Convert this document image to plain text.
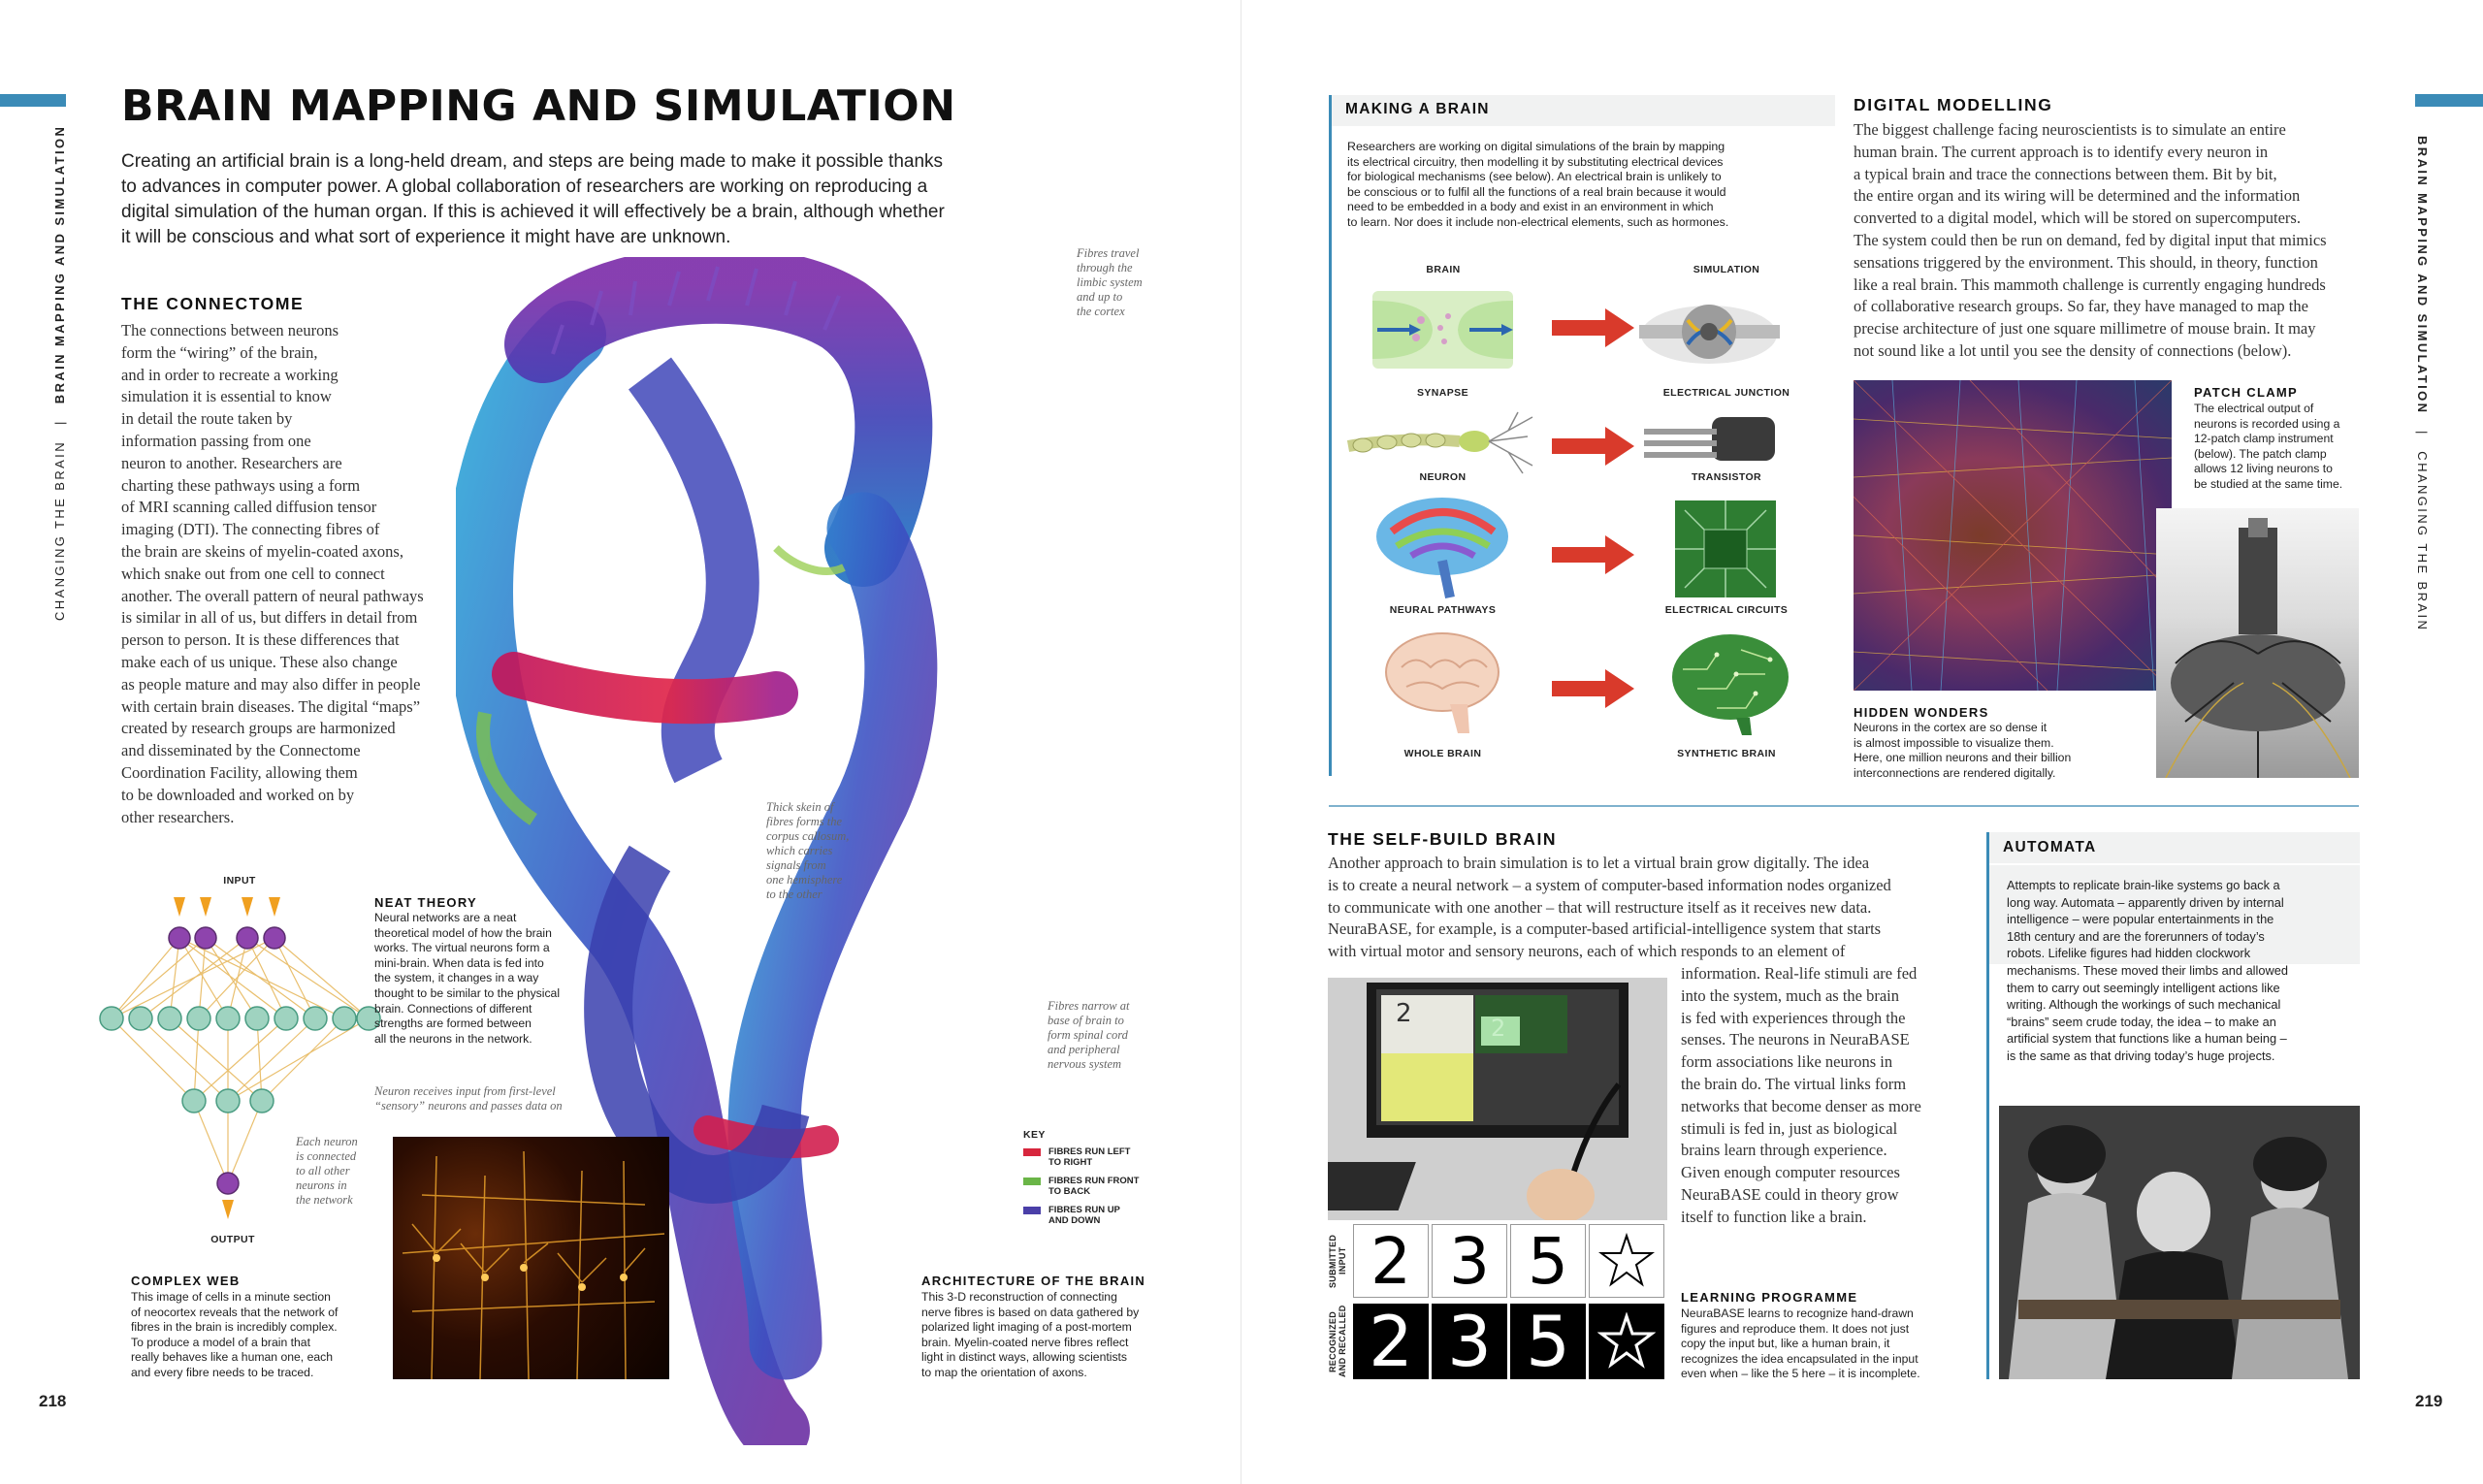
CHANGING THE BRAIN | BRAIN MAPPING AND SIMULATION
BRAIN MAPPING AND SIMULATION
Creating an artificial brain is a long-held dream, and steps are being made to make it possible thanks
to advances in computer power. A global collaboration of researchers are working on reproducing a
digital simulation of the human organ. If this is achieved it will effectively be a brain, although whether
it will be conscious and what sort of experience it might have are unknown.
THE CONNECTOME
The connections between neurons
form the “wiring” of the brain,
and in order to recreate a working
simulation it is essential to know
in detail the route taken by
information passing from one
neuron to another. Researchers are
charting these pathways using a form
of MRI scanning called diffusion tensor
imaging (DTI). The connecting fibres of
the brain are skeins of myelin-coated axons,
which snake out from one cell to connect
another. The overall pattern of neural pathways
is similar in all of us, but differs in detail from
person to person. It is these differences that
make each of us unique. These also change
as people mature and may also differ in people
with certain brain diseases. The digital “maps”
created by research groups are harmonized
and disseminated by the Connectome
Coordination Facility, allowing them
to be downloaded and worked on by
other researchers.
Fibres travel
through the
limbic system
and up to
the cortex
Thick skein of
fibres forms the
corpus callosum,
which carries
signals from
one hemisphere
to the other
Fibres narrow at
base of brain to
form spinal cord
and peripheral
nervous system
Neuron receives input from first-level
“sensory” neurons and passes data on
Each neuron
is connected
to all other
neurons in
the network
INPUT
OUTPUT
NEAT THEORY
Neural networks are a neat
theoretical model of how the brain
works. The virtual neurons form a
mini-brain. When data is fed into
the system, it changes in a way
thought to be similar to the physical
brain. Connections of different
strengths are formed between
all the neurons in the network.
COMPLEX WEB
This image of cells in a minute section
of neocortex reveals that the network of
fibres in the brain is incredibly complex.
To produce a model of a brain that
really behaves like a human one, each
and every fibre needs to be traced.
KEY
FIBRES RUN LEFT
TO RIGHT
FIBRES RUN FRONT
TO BACK
FIBRES RUN UP
AND DOWN
ARCHITECTURE OF THE BRAIN
This 3-D reconstruction of connecting
nerve fibres is based on data gathered by
polarized light imaging of a post-mortem
brain. Myelin-coated nerve fibres reflect
light in distinct ways, allowing scientists
to map the orientation of axons.
218
BRAIN MAPPING AND SIMULATION | CHANGING THE BRAIN
MAKING A BRAIN
Researchers are working on digital simulations of the brain by mapping
its electrical circuitry, then modelling it by substituting electrical devices
for biological mechanisms (see below). An electrical brain is unlikely to
be conscious or to fulfil all the functions of a real brain because it would
need to be embedded in a body and exist in an environment in which
to learn. Nor does it include non-electrical elements, such as hormones.
BRAIN	SIMULATION
SYNAPSE	ELECTRICAL JUNCTION
NEURON	TRANSISTOR
NEURAL PATHWAYS	ELECTRICAL CIRCUITS
WHOLE BRAIN	SYNTHETIC BRAIN
DIGITAL MODELLING
The biggest challenge facing neuroscientists is to simulate an entire
human brain. The current approach is to identify every neuron in
a typical brain and trace the connections between them. Bit by bit,
the entire organ and its wiring will be determined and the information
converted to a digital model, which will be stored on supercomputers.
The system could then be run on demand, fed by digital input that mimics
sensations triggered by the environment. This should, in theory, function
like a real brain. This mammoth challenge is currently engaging hundreds
of collaborative research groups. So far, they have managed to map the
precise architecture of just one square millimetre of mouse brain. It may
not sound like a lot until you see the density of connections (below).
PATCH CLAMP
The electrical output of
neurons is recorded using a
12-patch clamp instrument
(below). The patch clamp
allows 12 living neurons to
be studied at the same time.
HIDDEN WONDERS
Neurons in the cortex are so dense it
is almost impossible to visualize them.
Here, one million neurons and their billion
interconnections are rendered digitally.
THE SELF-BUILD BRAIN
Another approach to brain simulation is to let a virtual brain grow digitally. The idea
is to create a neural network – a system of computer-based information nodes organized
to communicate with one another – that will restructure itself as it receives new data.
NeuraBASE, for example, is a computer-based artificial-intelligence system that starts
with virtual motor and sensory neurons, each of which responds to an element of
information. Real-life stimuli are fed
into the system, much as the brain
is fed with experiences through the
senses. The neurons in NeuraBASE
form associations like neurons in
the brain do. The virtual links form
networks that become denser as more
stimuli is fed in, just as biological
brains learn through experience.
Given enough computer resources
NeuraBASE could in theory grow
itself to function like a brain.
2	2
SUBMITTED INPUT
RECOGNIZED AND RECALLED
2 3 5
2 3 5
LEARNING PROGRAMME
NeuraBASE learns to recognize hand-drawn
figures and reproduce them. It does not just
copy the input but, like a human brain, it
recognizes the idea encapsulated in the input
even when – like the 5 here – it is incomplete.
AUTOMATA
Attempts to replicate brain-like systems go back a
long way. Automata – apparently driven by internal
intelligence – were popular entertainments in the
18th century and are the forerunners of today’s
robots. Lifelike figures had hidden clockwork
mechanisms. These moved their limbs and allowed
them to carry out seemingly intelligent actions like
writing. Although the workings of such mechanical
“brains” seem crude today, the idea – to make an
artificial system that functions like a human being –
is the same as that driving today’s huge projects.
219
